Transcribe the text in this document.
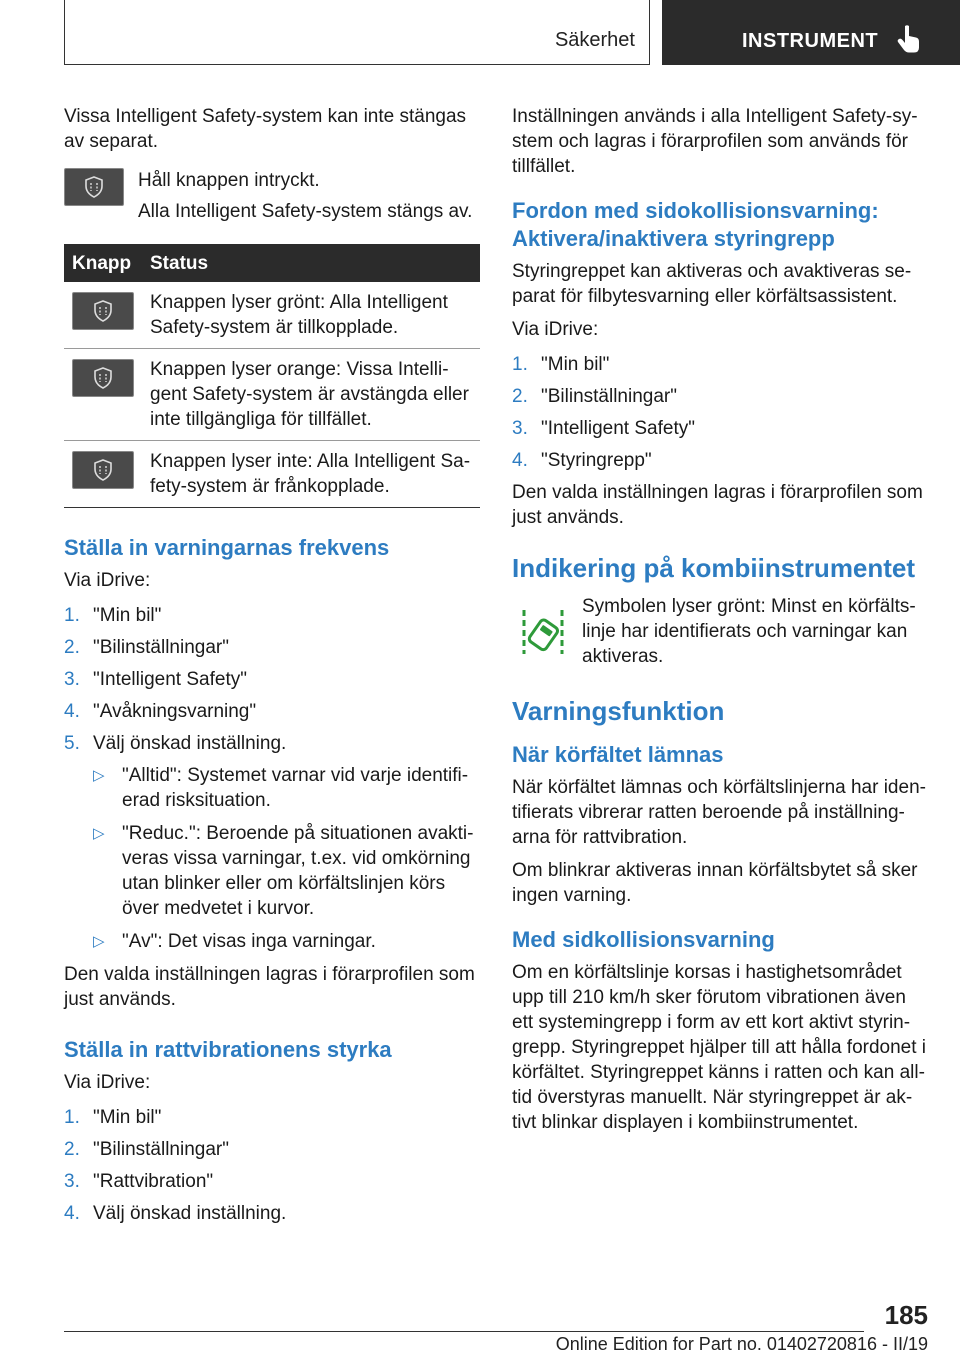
Säkerhet	INSTRUMENT

Vissa Intelligent Safety-system kan inte stängas av separat.

Håll knappen intryckt.
Alla Intelligent Safety-system stängs av.
Knapp	Status

	Knappen lyser grönt: Alla Intelligent Safety-system är tillkopplade.

	Knappen lyser orange: Vissa Intelli‐gent Safety-system är avstängda eller inte tillgängliga för tillfället.

	Knappen lyser inte: Alla Intelligent Sa‐fety-system är frånkopplade.
Ställa in varningarnas frekvens

Via iDrive:

1. "Min bil"
2. "Bilinställningar"
3. "Intelligent Safety"
4. "Avåkningsvarning"
5. Välj önskad inställning.
▷ "Alltid": Systemet varnar vid varje identifi‐erad risksituation.
▷ "Reduc.": Beroende på situationen avakti‐veras vissa varningar, t.ex. vid omkörning utan blinker eller om körfältslinjen körs över medvetet i kurvor.
▷ "Av": Det visas inga varningar.

Den valda inställningen lagras i förarprofilen som just används.

Ställa in rattvibrationens styrka

Via iDrive:

1. "Min bil"
2. "Bilinställningar"
3. "Rattvibration"
4. Välj önskad inställning.

Inställningen används i alla Intelligent Safety-sy‐stem och lagras i förarprofilen som används för tillfället.

Fordon med sidokollisionsvarning: Aktivera/inaktivera styringrepp

Styringreppet kan aktiveras och avaktiveras se‐parat för filbytesvarning eller körfältsassistent.

Via iDrive:

1. "Min bil"
2. "Bilinställningar"
3. "Intelligent Safety"
4. "Styringrepp"

Den valda inställningen lagras i förarprofilen som just används.

Indikering på kombiinstrumentet

Symbolen lyser grönt: Minst en körfälts‐linje har identifierats och varningar kan aktiveras.

Varningsfunktion
När körfältet lämnas

När körfältet lämnas och körfältslinjerna har iden‐tifierats vibrerar ratten beroende på inställning‐arna för rattvibration.

Om blinkrar aktiveras innan körfältsbytet så sker ingen varning.

Med sidkollisionsvarning

Om en körfältslinje korsas i hastighetsområdet upp till 210 km/h sker förutom vibrationen även ett systemingrepp i form av ett kort aktivt styrin‐grepp. Styringreppet hjälper till att hålla fordonet i körfältet. Styringreppet känns i ratten och kan all‐tid överstyras manuellt. När styringreppet är ak‐tivt blinkar displayen i kombiinstrumentet.

185
Online Edition for Part no. 01402720816 - II/19
